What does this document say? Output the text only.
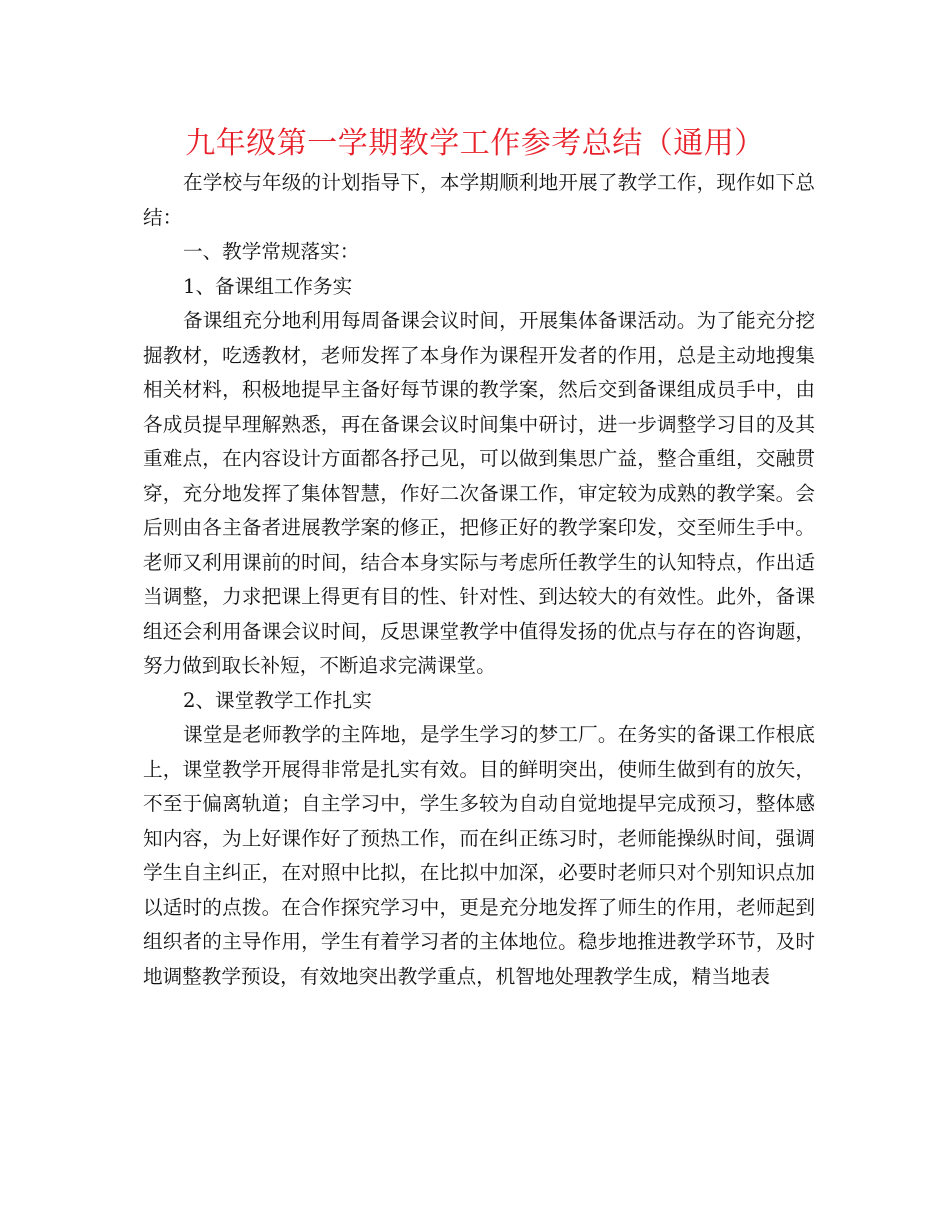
九年级第一学期教学工作参考总结（通用）

在学校与年级的计划指导下，本学期顺利地开展了教学工作，现作如下总结：

一、教学常规落实：

1、备课组工作务实

备课组充分地利用每周备课会议时间，开展集体备课活动。为了能充分挖掘教材，吃透教材，老师发挥了本身作为课程开发者的作用，总是主动地搜集相关材料，积极地提早主备好每节课的教学案，然后交到备课组成员手中，由各成员提早理解熟悉，再在备课会议时间集中研讨，进一步调整学习目的及其重难点，在内容设计方面都各抒己见，可以做到集思广益，整合重组，交融贯穿，充分地发挥了集体智慧，作好二次备课工作，审定较为成熟的教学案。会后则由各主备者进展教学案的修正，把修正好的教学案印发，交至师生手中。老师又利用课前的时间，结合本身实际与考虑所任教学生的认知特点，作出适当调整，力求把课上得更有目的性、针对性、到达较大的有效性。此外，备课组还会利用备课会议时间，反思课堂教学中值得发扬的优点与存在的咨询题，努力做到取长补短，不断追求完满课堂。

2、课堂教学工作扎实

课堂是老师教学的主阵地，是学生学习的梦工厂。在务实的备课工作根底上，课堂教学开展得非常是扎实有效。目的鲜明突出，使师生做到有的放矢，不至于偏离轨道；自主学习中，学生多较为自动自觉地提早完成预习，整体感知内容，为上好课作好了预热工作，而在纠正练习时，老师能操纵时间，强调学生自主纠正，在对照中比拟，在比拟中加深，必要时老师只对个别知识点加以适时的点拨。在合作探究学习中，更是充分地发挥了师生的作用，老师起到组织者的主导作用，学生有着学习者的主体地位。稳步地推进教学环节，及时地调整教学预设，有效地突出教学重点，机智地处理教学生成，精当地表
